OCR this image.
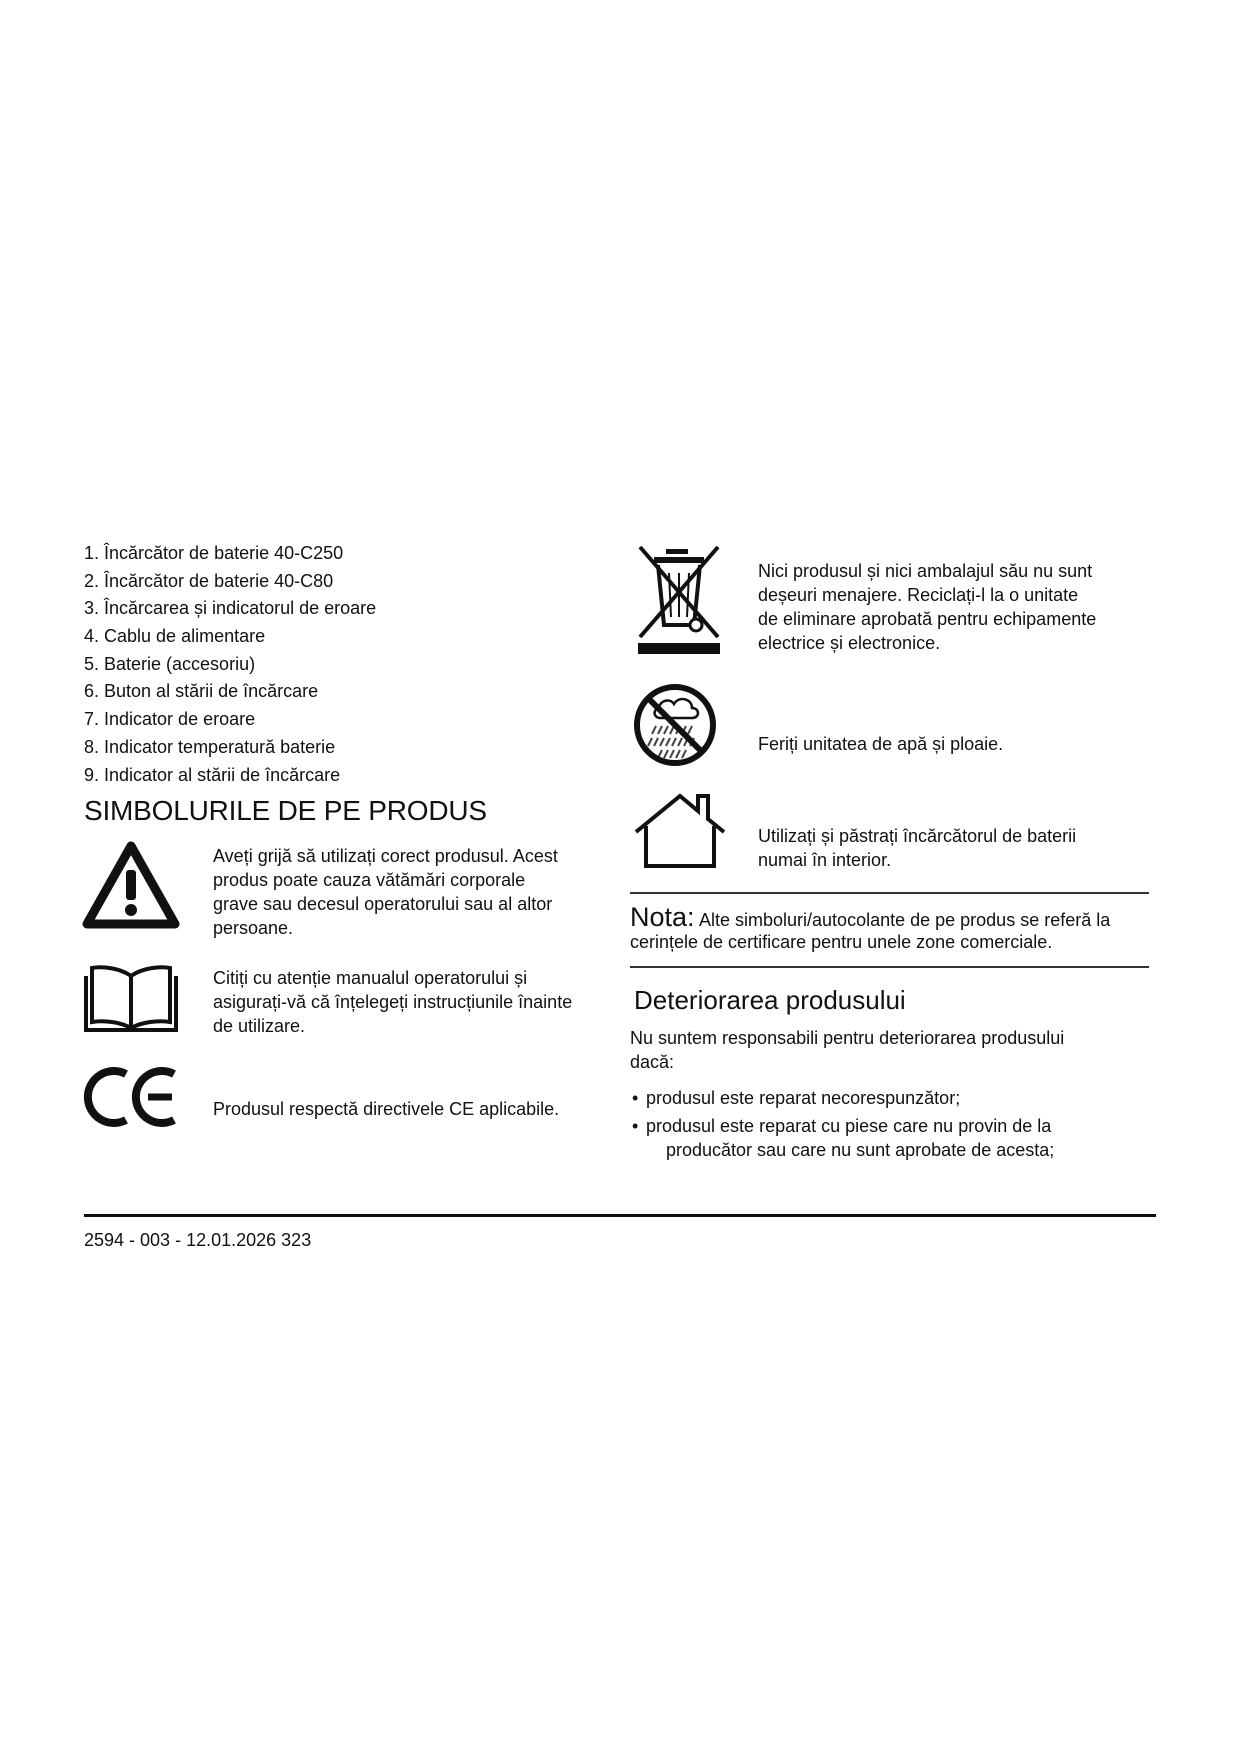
1. Încărcător de baterie 40-C250
2. Încărcător de baterie 40-C80
3. Încărcarea și indicatorul de eroare
4. Cablu de alimentare
5. Baterie (accesoriu)
6. Buton al stării de încărcare
7. Indicator de eroare
8. Indicator temperatură baterie
9. Indicator al stării de încărcare
SIMBOLURILE DE PE PRODUS
Aveți grijă să utilizați corect produsul. Acest
produs poate cauza vătămări corporale
grave sau decesul operatorului sau al altor
persoane.
Citiți cu atenție manualul operatorului și
asigurați-vă că înțelegeți instrucțiunile înainte
de utilizare.
Produsul respectă directivele CE aplicabile.
Nici produsul și nici ambalajul său nu sunt
deșeuri menajere. Reciclați-l la o unitate
de eliminare aprobată pentru echipamente
electrice și electronice.
Feriți unitatea de apă și ploaie.
Utilizați și păstrați încărcătorul de baterii
numai în interior.
Nota: Alte simboluri/autocolante de pe produs se referă la
cerințele de certificare pentru unele zone comerciale.
Deteriorarea produsului
Nu suntem responsabili pentru deteriorarea produsului
dacă:
• produsul este reparat necorespunzător;
• produsul este reparat cu piese care nu provin de la
producător sau care nu sunt aprobate de acesta;
2594 - 003 - 12.01.2026 323
